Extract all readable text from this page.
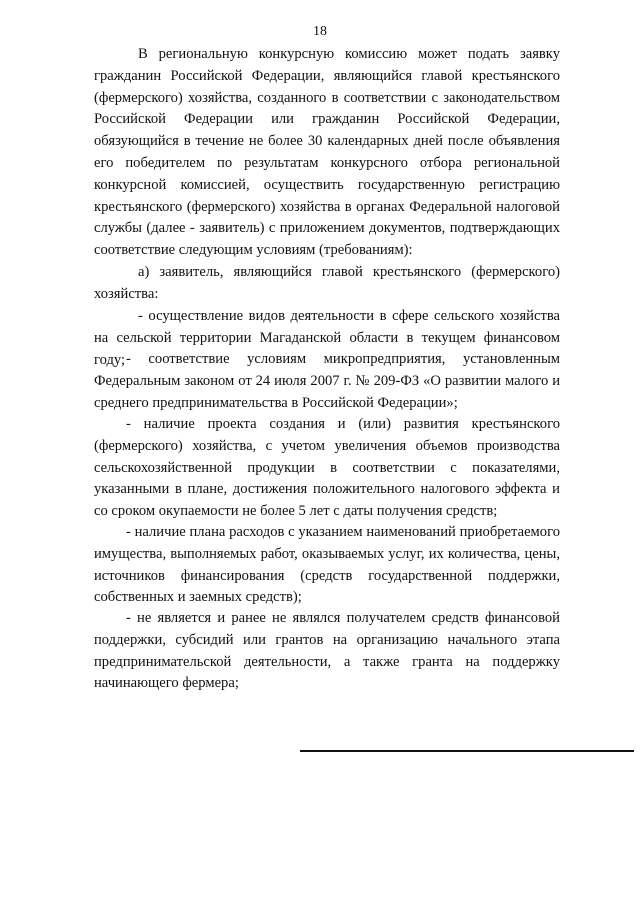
18

В региональную конкурсную комиссию может подать заявку гражданин Российской Федерации, являющийся главой крестьянского (фермерского) хозяйства, созданного в соответствии с законодательством Российской Федерации или гражданин Российской Федерации, обязующийся в течение не более 30 календарных дней после объявления его победителем по результатам конкурсного отбора региональной конкурсной комиссией, осуществить государственную регистрацию крестьянского (фермерского) хозяйства в органах Федеральной налоговой службы (далее - заявитель) с приложением документов, подтверждающих соответствие следующим условиям (требованиям):

а) заявитель, являющийся главой крестьянского (фермерского) хозяйства:

- осуществление видов деятельности в сфере сельского хозяйства на сельской территории Магаданской области в текущем финансовом году; - соответствие условиям микропредприятия, установленным Федеральным законом от 24 июля 2007 г. № 209-ФЗ «О развитии малого и среднего предпринимательства в Российской Федерации»;

- наличие проекта создания и (или) развития крестьянского (фермерского) хозяйства, с учетом увеличения объемов производства сельскохозяйственной продукции в соответствии с показателями, указанными в плане, достижения положительного налогового эффекта и со сроком окупаемости не более 5 лет с даты получения средств;

- наличие плана расходов с указанием наименований приобретаемого имущества, выполняемых работ, оказываемых услуг, их количества, цены, источников финансирования (средств государственной поддержки, собственных и заемных средств);

- не является и ранее не являлся получателем средств финансовой поддержки, субсидий или грантов на организацию начального этапа предпринимательской деятельности, а также гранта на поддержку начинающего фермера;
